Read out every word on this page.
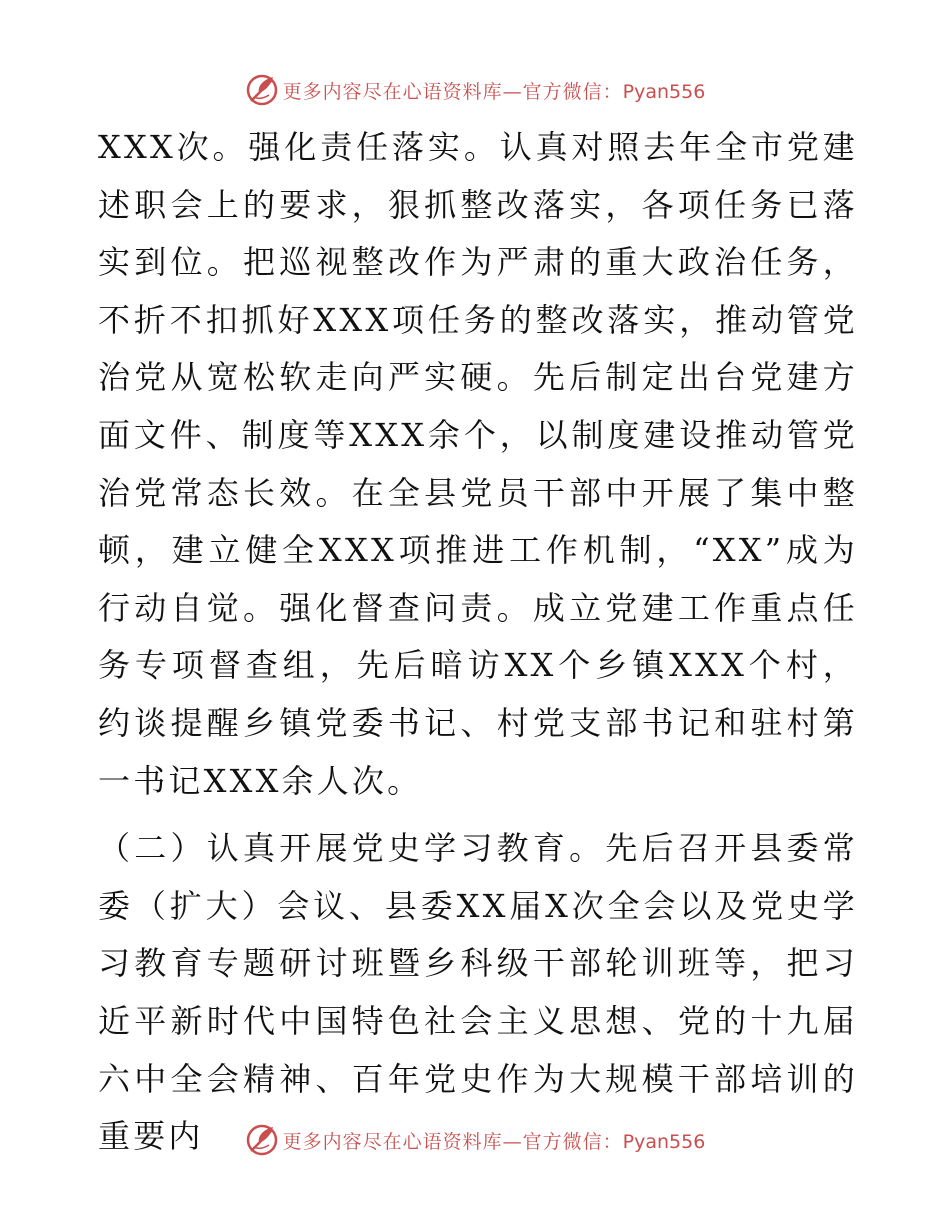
更多内容尽在心语资料库—官方微信：Pyan556

XXX次。强化责任落实。认真对照去年全市党建述职会上的要求，狠抓整改落实，各项任务已落实到位。把巡视整改作为严肃的重大政治任务，不折不扣抓好XXX项任务的整改落实，推动管党治党从宽松软走向严实硬。先后制定出台党建方面文件、制度等XXX余个，以制度建设推动管党治党常态长效。在全县党员干部中开展了集中整顿，建立健全XXX项推进工作机制，“XX”成为行动自觉。强化督查问责。成立党建工作重点任务专项督查组，先后暗访XX个乡镇XXX个村，约谈提醒乡镇党委书记、村党支部书记和驻村第一书记XXX余人次。

（二）认真开展党史学习教育。先后召开县委常委（扩大）会议、县委XX届X次全会以及党史学习教育专题研讨班暨乡科级干部轮训班等，把习近平新时代中国特色社会主义思想、党的十九届六中全会精神、百年党史作为大规模干部培训的重要内	更多内容尽在心语资料库—官方微信：Pyan556
